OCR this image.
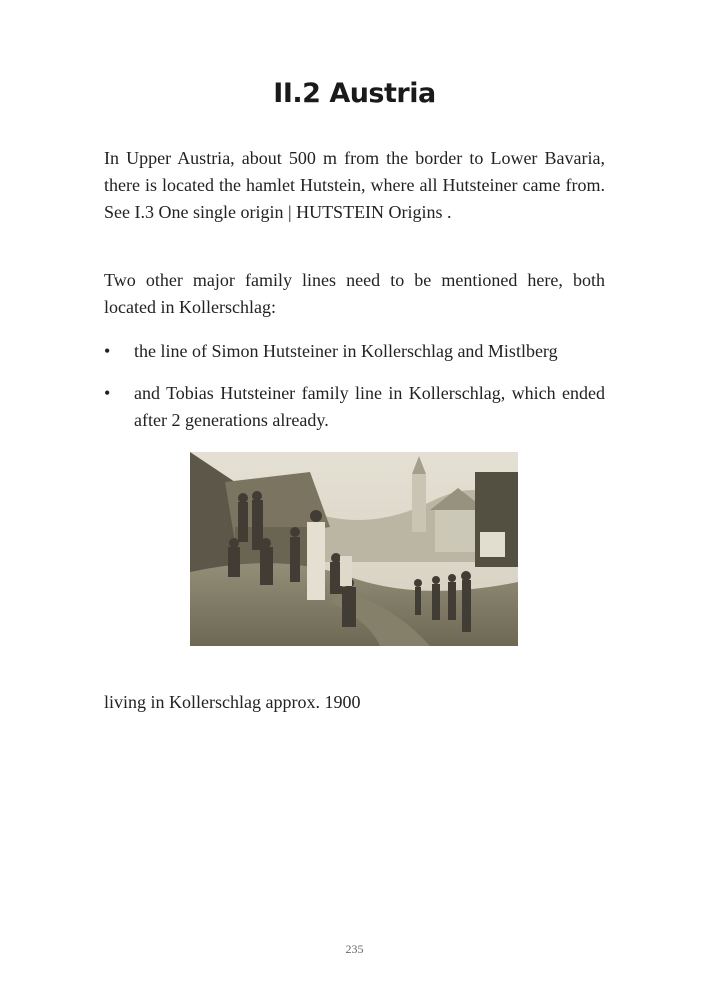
II.2 Austria

In Upper Austria, about 500 m from the border to Lower Bavaria, there is located the hamlet Hutstein, where all Hutsteiner came from. See I.3 One single origin | HUTSTEIN Origins .

Two other major family lines need to be mentioned here, both located in Kollerschlag:

• the line of Simon Hutsteiner in Kollerschlag and Mistlberg
• and Tobias Hutsteiner family line in Kollerschlag, which ended after 2 generations already.

living in Kollerschlag approx. 1900

235
